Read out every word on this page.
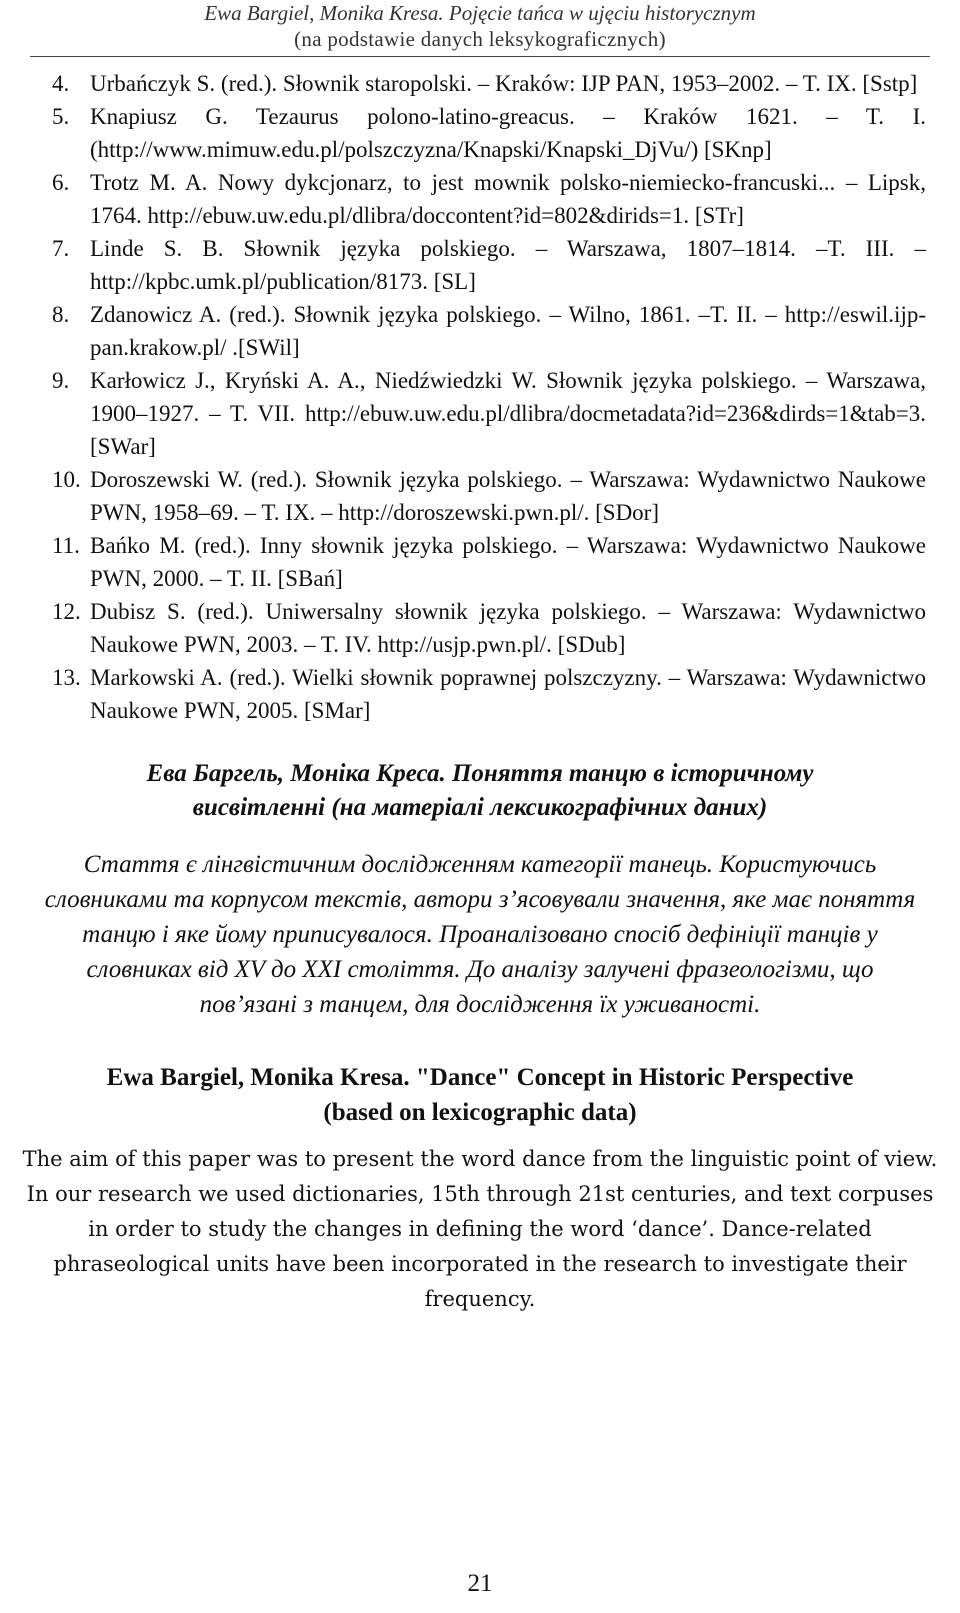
Ewa Bargiel, Monika Kresa. Pojęcie tańca w ujęciu historycznym
(na podstawie danych leksykograficznych)
4. Urbańczyk S. (red.). Słownik staropolski. – Kraków: IJP PAN, 1953–2002. – T. IX. [Sstp]
5. Knapiusz G. Tezaurus polono-latino-greacus. – Kraków 1621. – T. I. (http://www.mimuw.edu.pl/polszczyzna/Knapski/Knapski_DjVu/) [SKnp]
6. Trotz M. A. Nowy dykcjonarz, to jest mownik polsko-niemiecko-francuski... – Lipsk, 1764. http://ebuw.uw.edu.pl/dlibra/doccontent?id=802&dirids=1. [STr]
7. Linde S. B. Słownik języka polskiego. – Warszawa, 1807–1814. –T. III. – http://kpbc.umk.pl/publication/8173. [SL]
8. Zdanowicz A. (red.). Słownik języka polskiego. – Wilno, 1861. –T. II. – http://eswil.ijp-pan.krakow.pl/ .[SWil]
9. Karłowicz J., Kryński A. A., Niedźwiedzki W. Słownik języka polskiego. – Warszawa, 1900–1927. – T. VII. http://ebuw.uw.edu.pl/dlibra/docmetadata?id=236&dirds=1&tab=3. [SWar]
10. Doroszewski W. (red.). Słownik języka polskiego. – Warszawa: Wydawnictwo Naukowe PWN, 1958–69. – T. IX. – http://doroszewski.pwn.pl/. [SDor]
11. Bańko M. (red.). Inny słownik języka polskiego. – Warszawa: Wydawnictwo Naukowe PWN, 2000. – T. II. [SBań]
12. Dubisz S. (red.). Uniwersalny słownik języka polskiego. – Warszawa: Wydawnictwo Naukowe PWN, 2003. – T. IV. http://usjp.pwn.pl/. [SDub]
13. Markowski A. (red.). Wielki słownik poprawnej polszczyzny. – Warszawa: Wydawnictwo Naukowe PWN, 2005. [SMar]
Ева Баргель, Моніка Креса. Поняття танцю в історичному
висвітленні (на матеріалі лексикографічних даних)
Стаття є лінгвістичним дослідженням категорії танець. Користуючись словниками та корпусом текстів, автори з’ясовували значення, яке має поняття танцю і яке йому приписувалося. Проаналізовано спосіб дефініції танців у словниках від XV до XXI століття. До аналізу залучені фразеологізми, що пов’язані з танцем, для дослідження їх уживаності.
Ewa Bargiel, Monika Kresa. "Dance" Concept in Historic Perspective
(based on lexicographic data)
The aim of this paper was to present the word dance from the linguistic point of view. In our research we used dictionaries, 15th through 21st centuries, and text corpuses in order to study the changes in defining the word ‘dance’. Dance-related phraseological units have been incorporated in the research to investigate their frequency.
21
